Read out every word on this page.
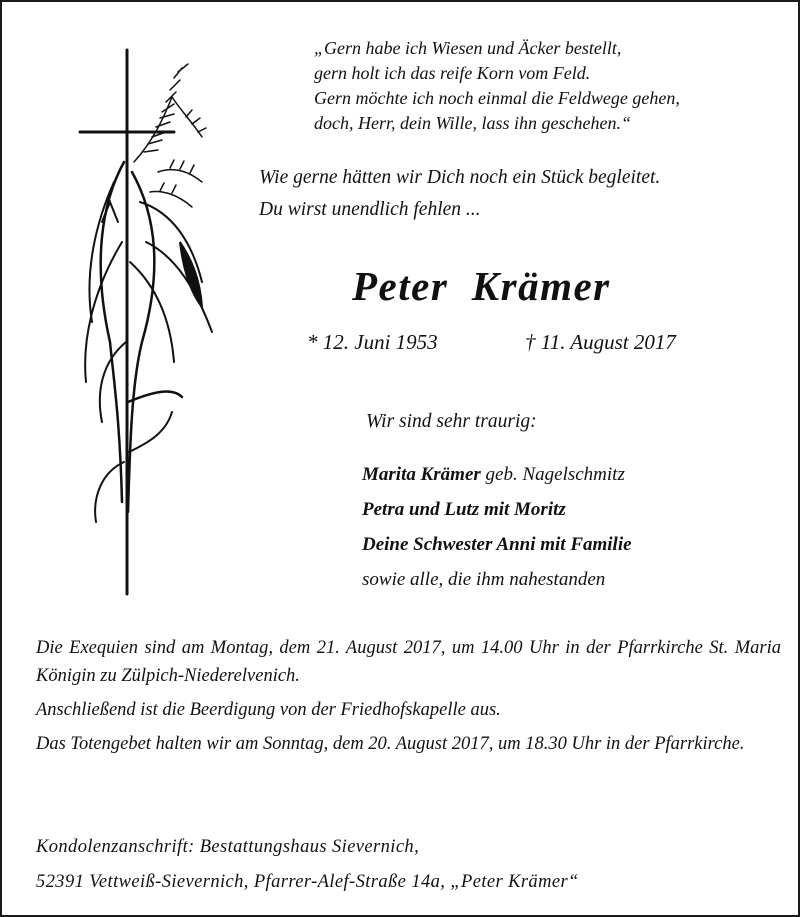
„Gern habe ich Wiesen und Äcker bestellt,
gern holt ich das reife Korn vom Feld.
Gern möchte ich noch einmal die Feldwege gehen,
doch, Herr, dein Wille, lass ihn geschehen.“
Wie gerne hätten wir Dich noch ein Stück begleitet.
Du wirst unendlich fehlen ...
Peter  Krämer
* 12. Juni 1953	† 11. August 2017
Wir sind sehr traurig:
Marita Krämer geb. Nagelschmitz
Petra und Lutz mit Moritz
Deine Schwester Anni mit Familie
sowie alle, die ihm nahestanden

Die Exequien sind am Montag, dem 21. August 2017, um 14.00 Uhr in der Pfarrkirche St. Maria Königin zu Zülpich-Niederelvenich.

Anschließend ist die Beerdigung von der Friedhofskapelle aus.

Das Totengebet halten wir am Sonntag, dem 20. August 2017, um 18.30 Uhr in der Pfarrkirche.

Kondolenzanschrift: Bestattungshaus Sievernich,
52391 Vettweiß-Sievernich, Pfarrer-Alef-Straße 14a, „Peter Krämer“
